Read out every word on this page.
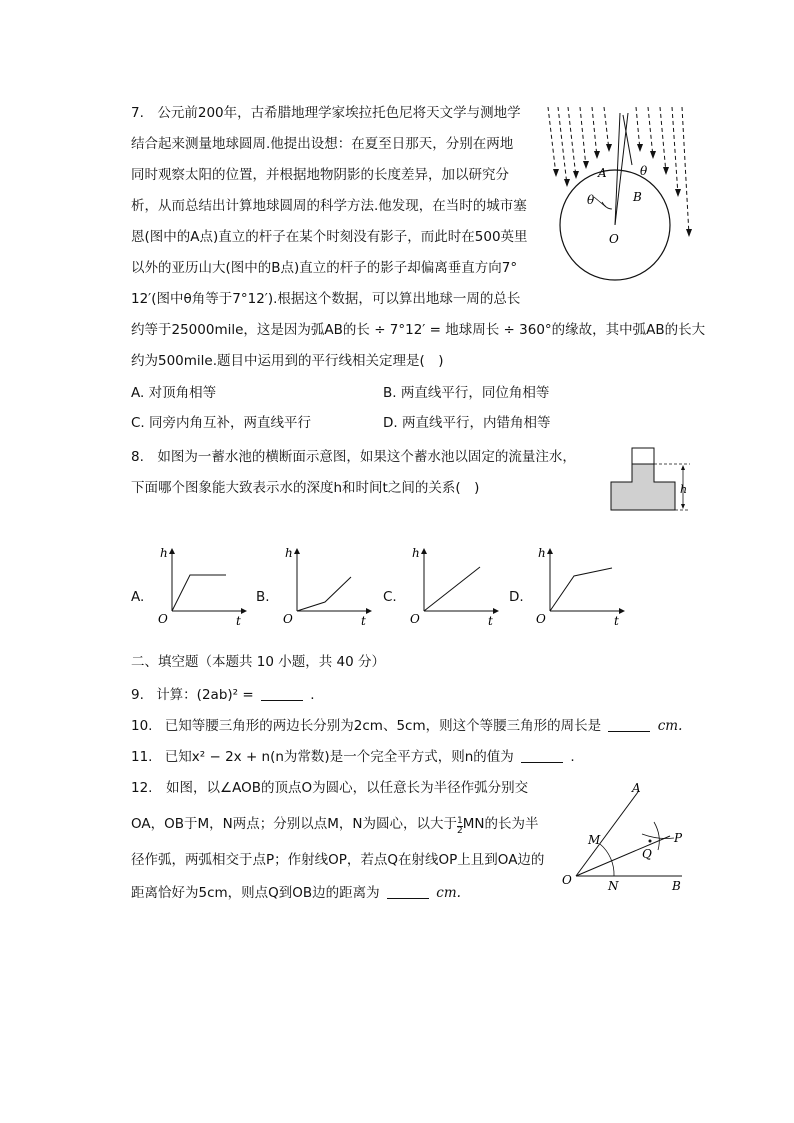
7. 公元前200年，古希腊地理学家埃拉托色尼将天文学与测地学
结合起来测量地球圆周.他提出设想：在夏至日那天，分别在两地
同时观察太阳的位置，并根据地物阴影的长度差异，加以研究分
析，从而总结出计算地球圆周的科学方法.他发现，在当时的城市塞
恩(图中的A点)直立的杆子在某个时刻没有影子，而此时在500英里
以外的亚历山大(图中的B点)直立的杆子的影子却偏离垂直方向7°
12′(图中θ角等于7°12′).根据这个数据，可以算出地球一周的总长
约等于25000mile，这是因为弧AB的长 ÷ 7°12′ = 地球周长 ÷ 360°的缘故，其中弧AB的长大
约为500mile.题目中运用到的平行线相关定理是( )
A. 对顶角相等	B. 两直线平行，同位角相等
C. 同旁内角互补，两直线平行	D. 两直线平行，内错角相等
A
B
O
θ
θ
8. 如图为一蓄水池的横断面示意图，如果这个蓄水池以固定的流量注水，
下面哪个图象能大致表示水的深度h和时间t之间的关系( )	h
A.
h
t
O
B.
h
t
O
C.
h
t
O
D.
h
t
O
二、填空题（本题共 10 小题，共 40 分）
9. 计算：(2ab)² =	.
10. 已知等腰三角形的两边长分别为2cm、5cm，则这个等腰三角形的周长是	cm.
11. 已知x² − 2x + n(n为常数)是一个完全平方式，则n的值为	.
12. 如图，以∠AOB的顶点O为圆心，以任意长为半径作弧分别交
OA，OB于M，N两点；分别以点M，N为圆心，以大于 $\frac{1}{2}$ MN的长为半
径作弧，两弧相交于点P；作射线OP，若点Q在射线OP上且到OA边的
距离恰好为5cm，则点Q到OB边的距离为	cm.
A
B
O
M
N
P
Q
